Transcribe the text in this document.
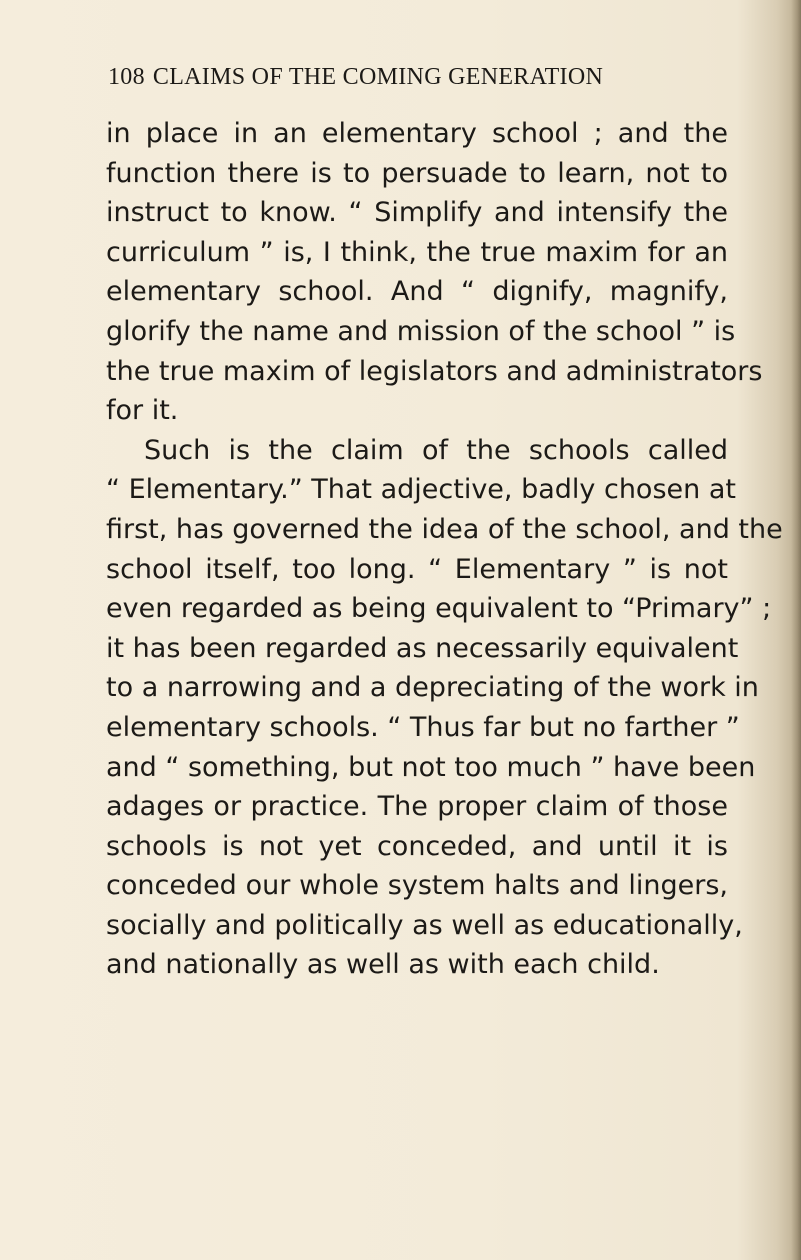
108 CLAIMS OF THE COMING GENERATION
in place in an elementary school ; and the
function there is to persuade to learn, not to
instruct to know. “ Simplify and intensify the
curriculum ” is, I think, the true maxim for an
elementary school. And “ dignify, magnify,
glorify the name and mission of the school ” is
the true maxim of legislators and administrators
for it.
Such is the claim of the schools called
“ Elementary.” That adjective, badly chosen at
first, has governed the idea of the school, and the
school itself, too long. “ Elementary ” is not
even regarded as being equivalent to “Primary” ;
it has been regarded as necessarily equivalent
to a narrowing and a depreciating of the work in
elementary schools. “ Thus far but no farther ”
and “ something, but not too much ” have been
adages or practice. The proper claim of those
schools is not yet conceded, and until it is
conceded our whole system halts and lingers,
socially and politically as well as educationally,
and nationally as well as with each child.
